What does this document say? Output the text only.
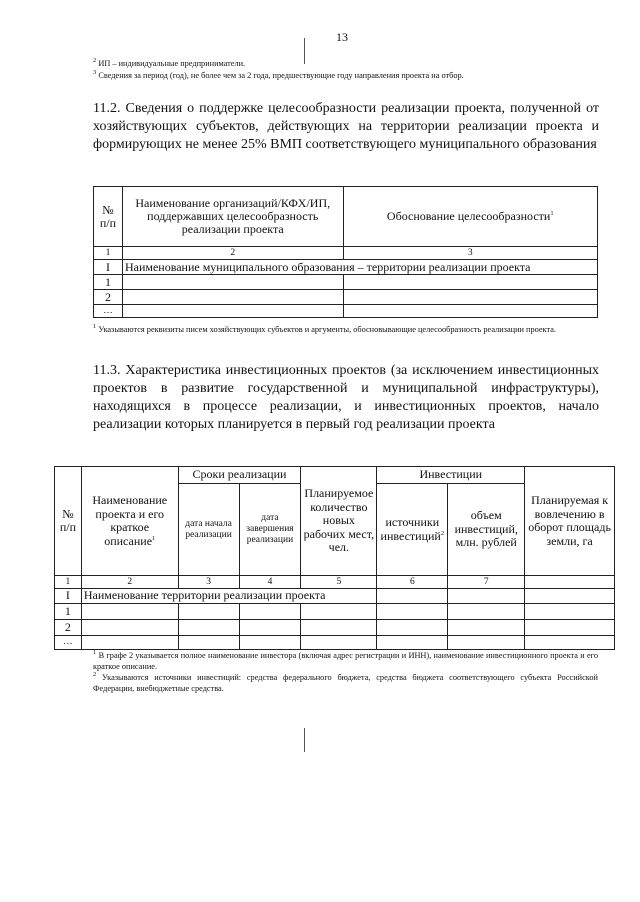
13
$^2$ ИП – индивидуальные предприниматели.
$^3$ Сведения за период (год), не более чем за 2 года, предшествующие году направления проекта на отбор.
11.2. Сведения о поддержке целесообразности реализации проекта, полученной от хозяйствующих субъектов, действующих на территории реализации проекта и формирующих не менее 25% ВМП соответствующего муниципального образования
№ п/п	Наименование организаций/КФХ/ИП, поддержавших целесообразность реализации проекта	Обоснование целесообразности$^1$
1	2	3
I	Наименование муниципального образования – территории реализации проекта	
1		
2		
…		
$^1$ Указываются реквизиты писем хозяйствующих субъектов и аргументы, обосновывающие целесообразность реализации проекта.
11.3. Характеристика инвестиционных проектов (за исключением инвестиционных проектов в развитие государственной и муниципальной инфраструктуры), находящихся в процессе реализации, и инвестиционных проектов, начало реализации которых планируется в первый год реализации проекта
№ п/п	Наименование проекта и его краткое описание$^1$	Сроки реализации		Планируемое количество новых рабочих мест, чел.	Инвестиции		Планируемая к вовлечению в оборот площадь земли, га
		дата начала реализации	дата завершения реализации		источники инвестиций$^2$	объем инвестиций, млн. рублей	
1	2	3	4	5	6	7	
I	Наименование территории реализации проекта						
1							
2							
…							

$^1$ В графе 2 указывается полное наименование инвестора (включая адрес регистрации и ИНН), наименование инвестиционного проекта и его краткое описание.

$^2$ Указываются источники инвестиций: средства федерального бюджета, средства бюджета соответствующего субъекта Российской Федерации, внебюджетные средства.
